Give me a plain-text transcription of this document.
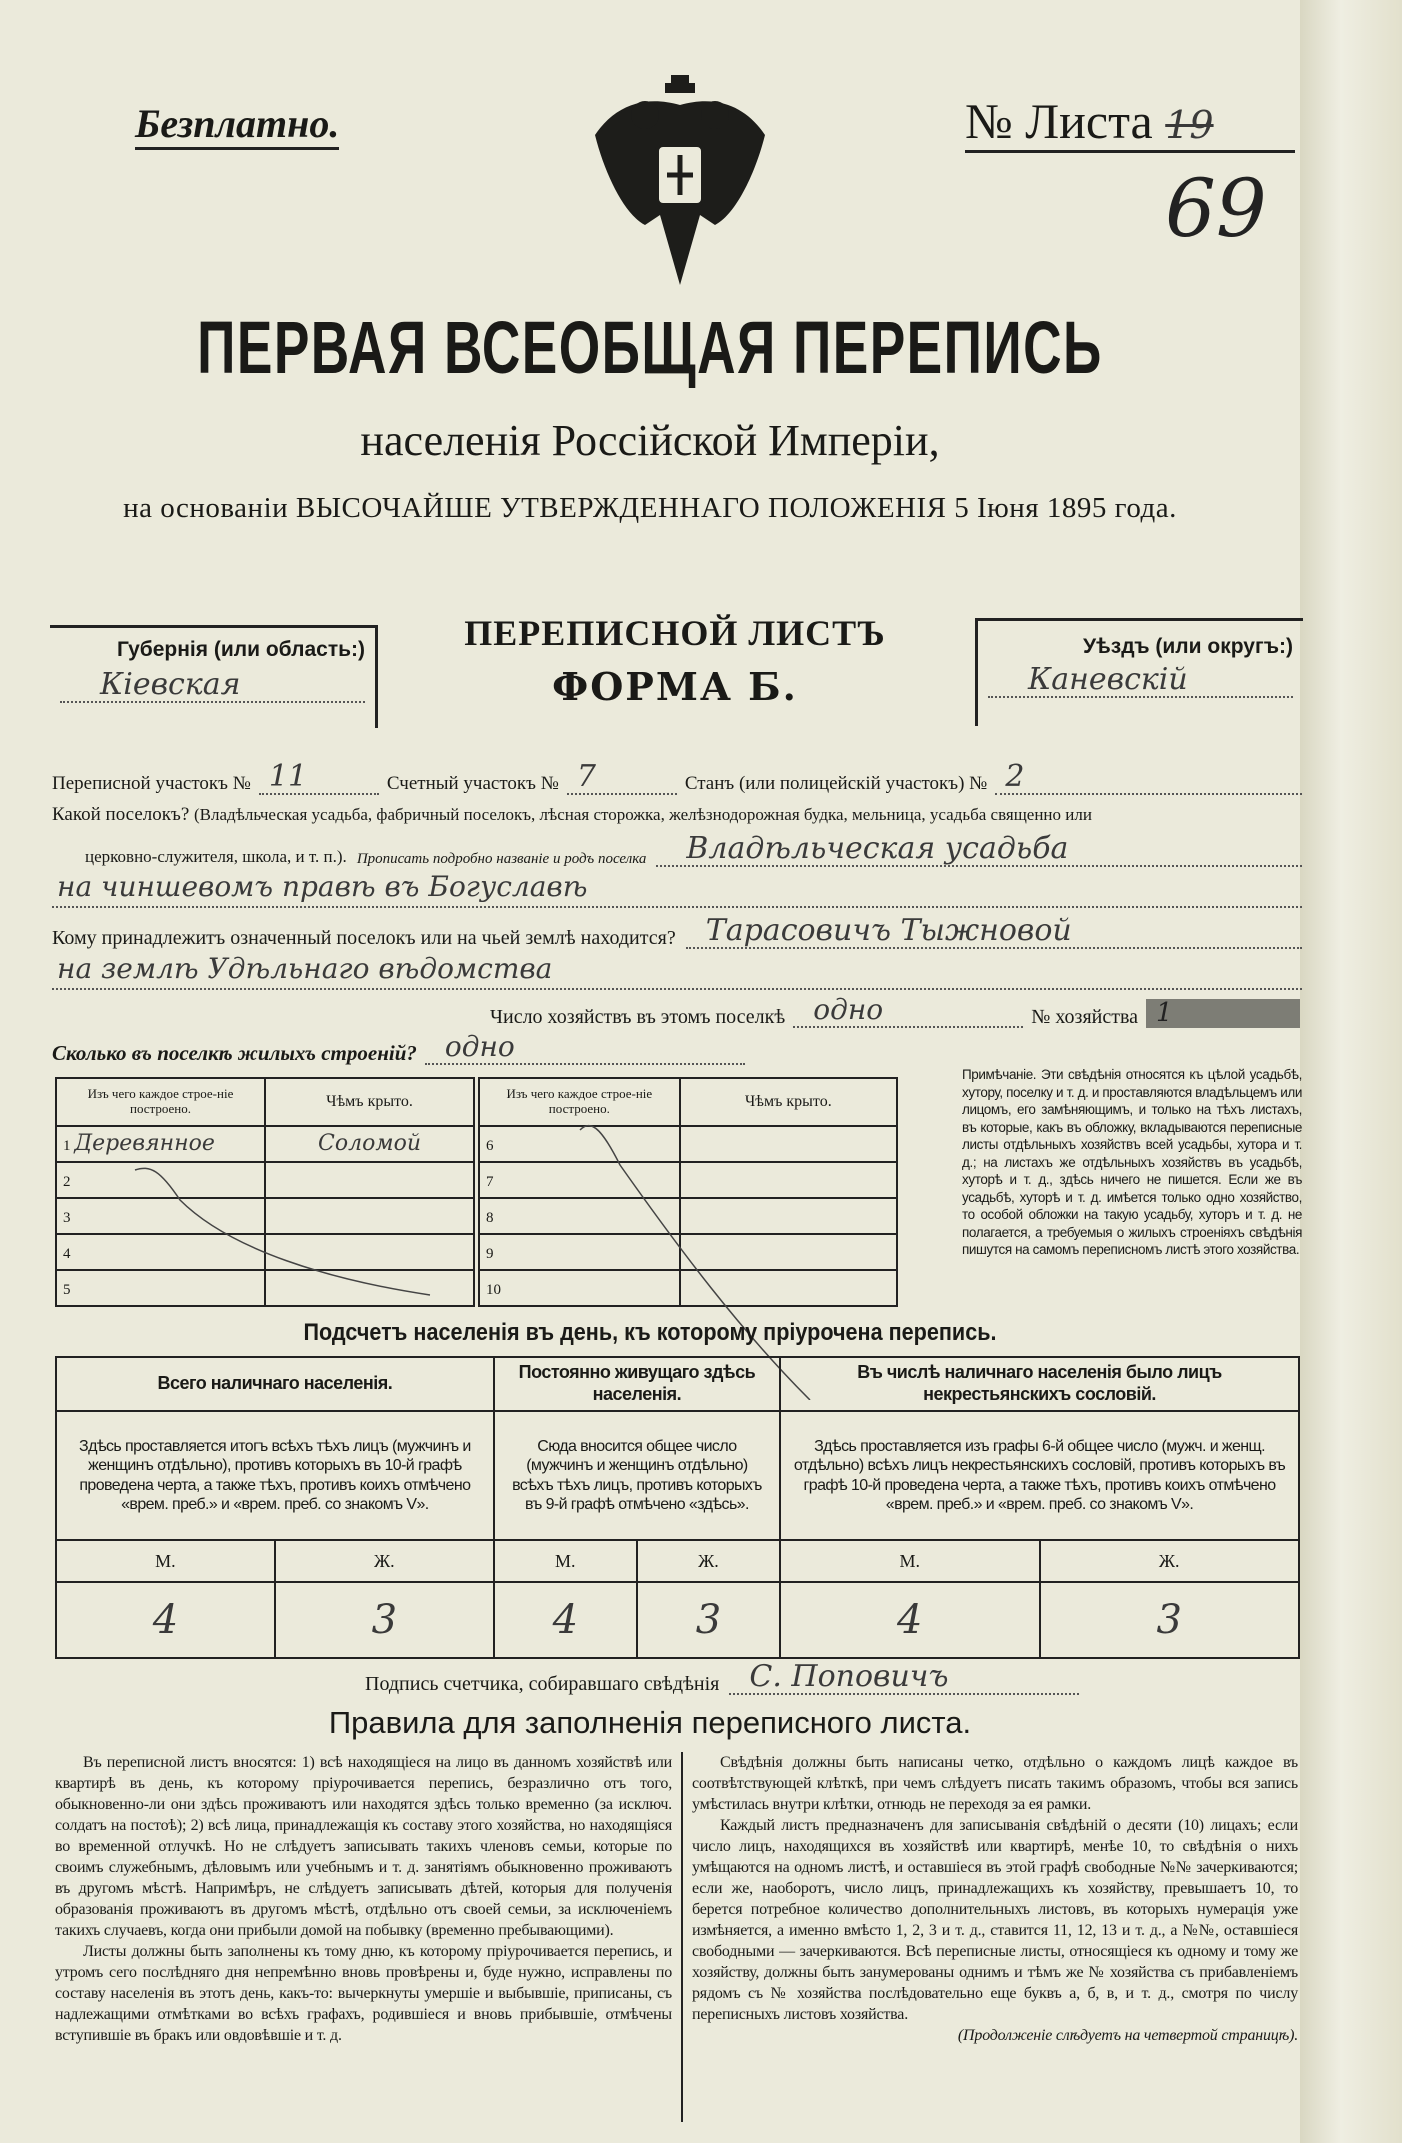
Безплатно.	№ Листа 19
69
ПЕРВАЯ ВСЕОБЩАЯ ПЕРЕПИСЬ
населенія Россійской Имперіи,
на основаніи ВЫСОЧАЙШЕ УТВЕРЖДЕННАГО ПОЛОЖЕНІЯ 5 Іюня 1895 года.
Губернія (или область:)
Кіевская
ПЕРЕПИСНОЙ ЛИСТЪ
ФОРМА Б.
Уѣздъ (или округъ:)
Каневскій
Переписной участокъ № 11	Счетный участокъ № 7	Станъ (или полицейскій участокъ) № 2
Какой поселокъ? (Владѣльческая усадьба, фабричный поселокъ, лѣсная сторожка, желѣзнодорожная будка, мельница, усадьба священно или
церковно-служителя, школа, и т. п.). Прописать подробно названіе и родъ поселка	Владѣльческая усадьба
на чиншевомъ правѣ въ Богуславѣ
Кому принадлежитъ означенный поселокъ или на чьей землѣ находится?	Тарасовичъ Тыжновой
на землѣ Удѣльнаго вѣдомства
Число хозяйствъ въ этомъ поселкѣ	одно	№ хозяйства 1
Сколько въ поселкѣ жилыхъ строеній?	одно
Изъ чего каждое строе-ніе построено.	Чѣмъ крыто.
1 Деревянное	Соломой
2	
3	
4	
5	
Изъ чего каждое строе-ніе построено.	Чѣмъ крыто.
6	
7	
8	
9	
10	
Примѣчаніе. Эти свѣдѣнія относятся къ цѣлой усадьбѣ, хутору, поселку и т. д. и проставляются владѣльцемъ или лицомъ, его замѣняющимъ, и только на тѣхъ листахъ, въ которые, какъ въ обложку, вкладываются переписные листы отдѣльныхъ хозяйствъ всей усадьбы, хутора и т. д.; на листахъ же отдѣльныхъ хозяйствъ въ усадьбѣ, хуторѣ и т. д., здѣсь ничего не пишется. Если же въ усадьбѣ, хуторѣ и т. д. имѣется только одно хозяйство, то особой обложки на такую усадьбу, хуторъ и т. д. не полагается, а требуемыя о жилыхъ строеніяхъ свѣдѣнія пишутся на самомъ переписномъ листѣ этого хозяйства.
Подсчетъ населенія въ день, къ которому пріурочена перепись.
Всего наличнаго населенія.		Постоянно живущаго здѣсь населенія.		Въ числѣ наличнаго населенія было лицъ некрестьянскихъ сословій.	
Здѣсь проставляется итогъ всѣхъ тѣхъ лицъ (мужчинъ и женщинъ отдѣльно), противъ которыхъ въ 10-й графѣ проведена черта, а также тѣхъ, противъ коихъ отмѣчено «врем. преб.» и «врем. преб. со знакомъ V».		Сюда вносится общее число (мужчинъ и женщинъ отдѣльно) всѣхъ тѣхъ лицъ, противъ которыхъ въ 9-й графѣ отмѣчено «здѣсь».		Здѣсь проставляется изъ графы 6-й общее число (мужч. и женщ. отдѣльно) всѣхъ лицъ некрестьянскихъ сословій, противъ которыхъ въ графѣ 10-й проведена черта, а также тѣхъ, противъ коихъ отмѣчено «врем. преб.» и «врем. преб. со знакомъ V».	
М.	Ж.	М.	Ж.	М.	Ж.
4	3	4	3	4	3
Подпись счетчика, собиравшаго свѣдѣнія	С. Поповичъ
Правила для заполненія переписного листа.

Въ переписной листъ вносятся: 1) всѣ находящіеся на лицо въ данномъ хозяйствѣ или квартирѣ въ день, къ которому пріурочивается перепись, безразлично отъ того, обыкновенно-ли они здѣсь проживаютъ или находятся здѣсь только временно (за исключ. солдатъ на постоѣ); 2) всѣ лица, принадлежащія къ составу этого хозяйства, но находящіяся во временной отлучкѣ. Но не слѣдуетъ записывать такихъ членовъ семьи, которые по своимъ служебнымъ, дѣловымъ или учебнымъ и т. д. занятіямъ обыкновенно проживаютъ въ другомъ мѣстѣ. Напримѣръ, не слѣдуетъ записывать дѣтей, которыя для полученія образованія проживаютъ въ другомъ мѣстѣ, отдѣльно отъ своей семьи, за исключеніемъ такихъ случаевъ, когда они прибыли домой на побывку (временно пребывающими).

Листы должны быть заполнены къ тому дню, къ которому пріурочивается перепись, и утромъ сего послѣдняго дня непремѣнно вновь провѣрены и, буде нужно, исправлены по составу населенія въ этотъ день, какъ-то: вычеркнуты умершіе и выбывшіе, приписаны, съ надлежащими отмѣтками во всѣхъ графахъ, родившіеся и вновь прибывшіе, отмѣчены вступившіе въ бракъ или овдовѣвшіе и т. д.

Свѣдѣнія должны быть написаны четко, отдѣльно о каждомъ лицѣ каждое въ соотвѣтствующей клѣткѣ, при чемъ слѣдуетъ писать такимъ образомъ, чтобы вся запись умѣстилась внутри клѣтки, отнюдь не переходя за ея рамки.

Каждый листъ предназначенъ для записыванія свѣдѣній о десяти (10) лицахъ; если число лицъ, находящихся въ хозяйствѣ или квартирѣ, менѣе 10, то свѣдѣнія о нихъ умѣщаются на одномъ листѣ, и оставшіеся въ этой графѣ свободные №№ зачеркиваются; если же, наоборотъ, число лицъ, принадлежащихъ къ хозяйству, превышаетъ 10, то берется потребное количество дополнительныхъ листовъ, въ которыхъ нумерація уже измѣняется, а именно вмѣсто 1, 2, 3 и т. д., ставится 11, 12, 13 и т. д., а №№, оставшіеся свободными — зачеркиваются. Всѣ переписные листы, относящіеся къ одному и тому же хозяйству, должны быть занумерованы однимъ и тѣмъ же № хозяйства съ прибавленіемъ рядомъ съ № хозяйства послѣдовательно еще буквъ а, б, в, и т. д., смотря по числу переписныхъ листовъ хозяйства.

(Продолженіе слѣдуетъ на четвертой страницѣ).
